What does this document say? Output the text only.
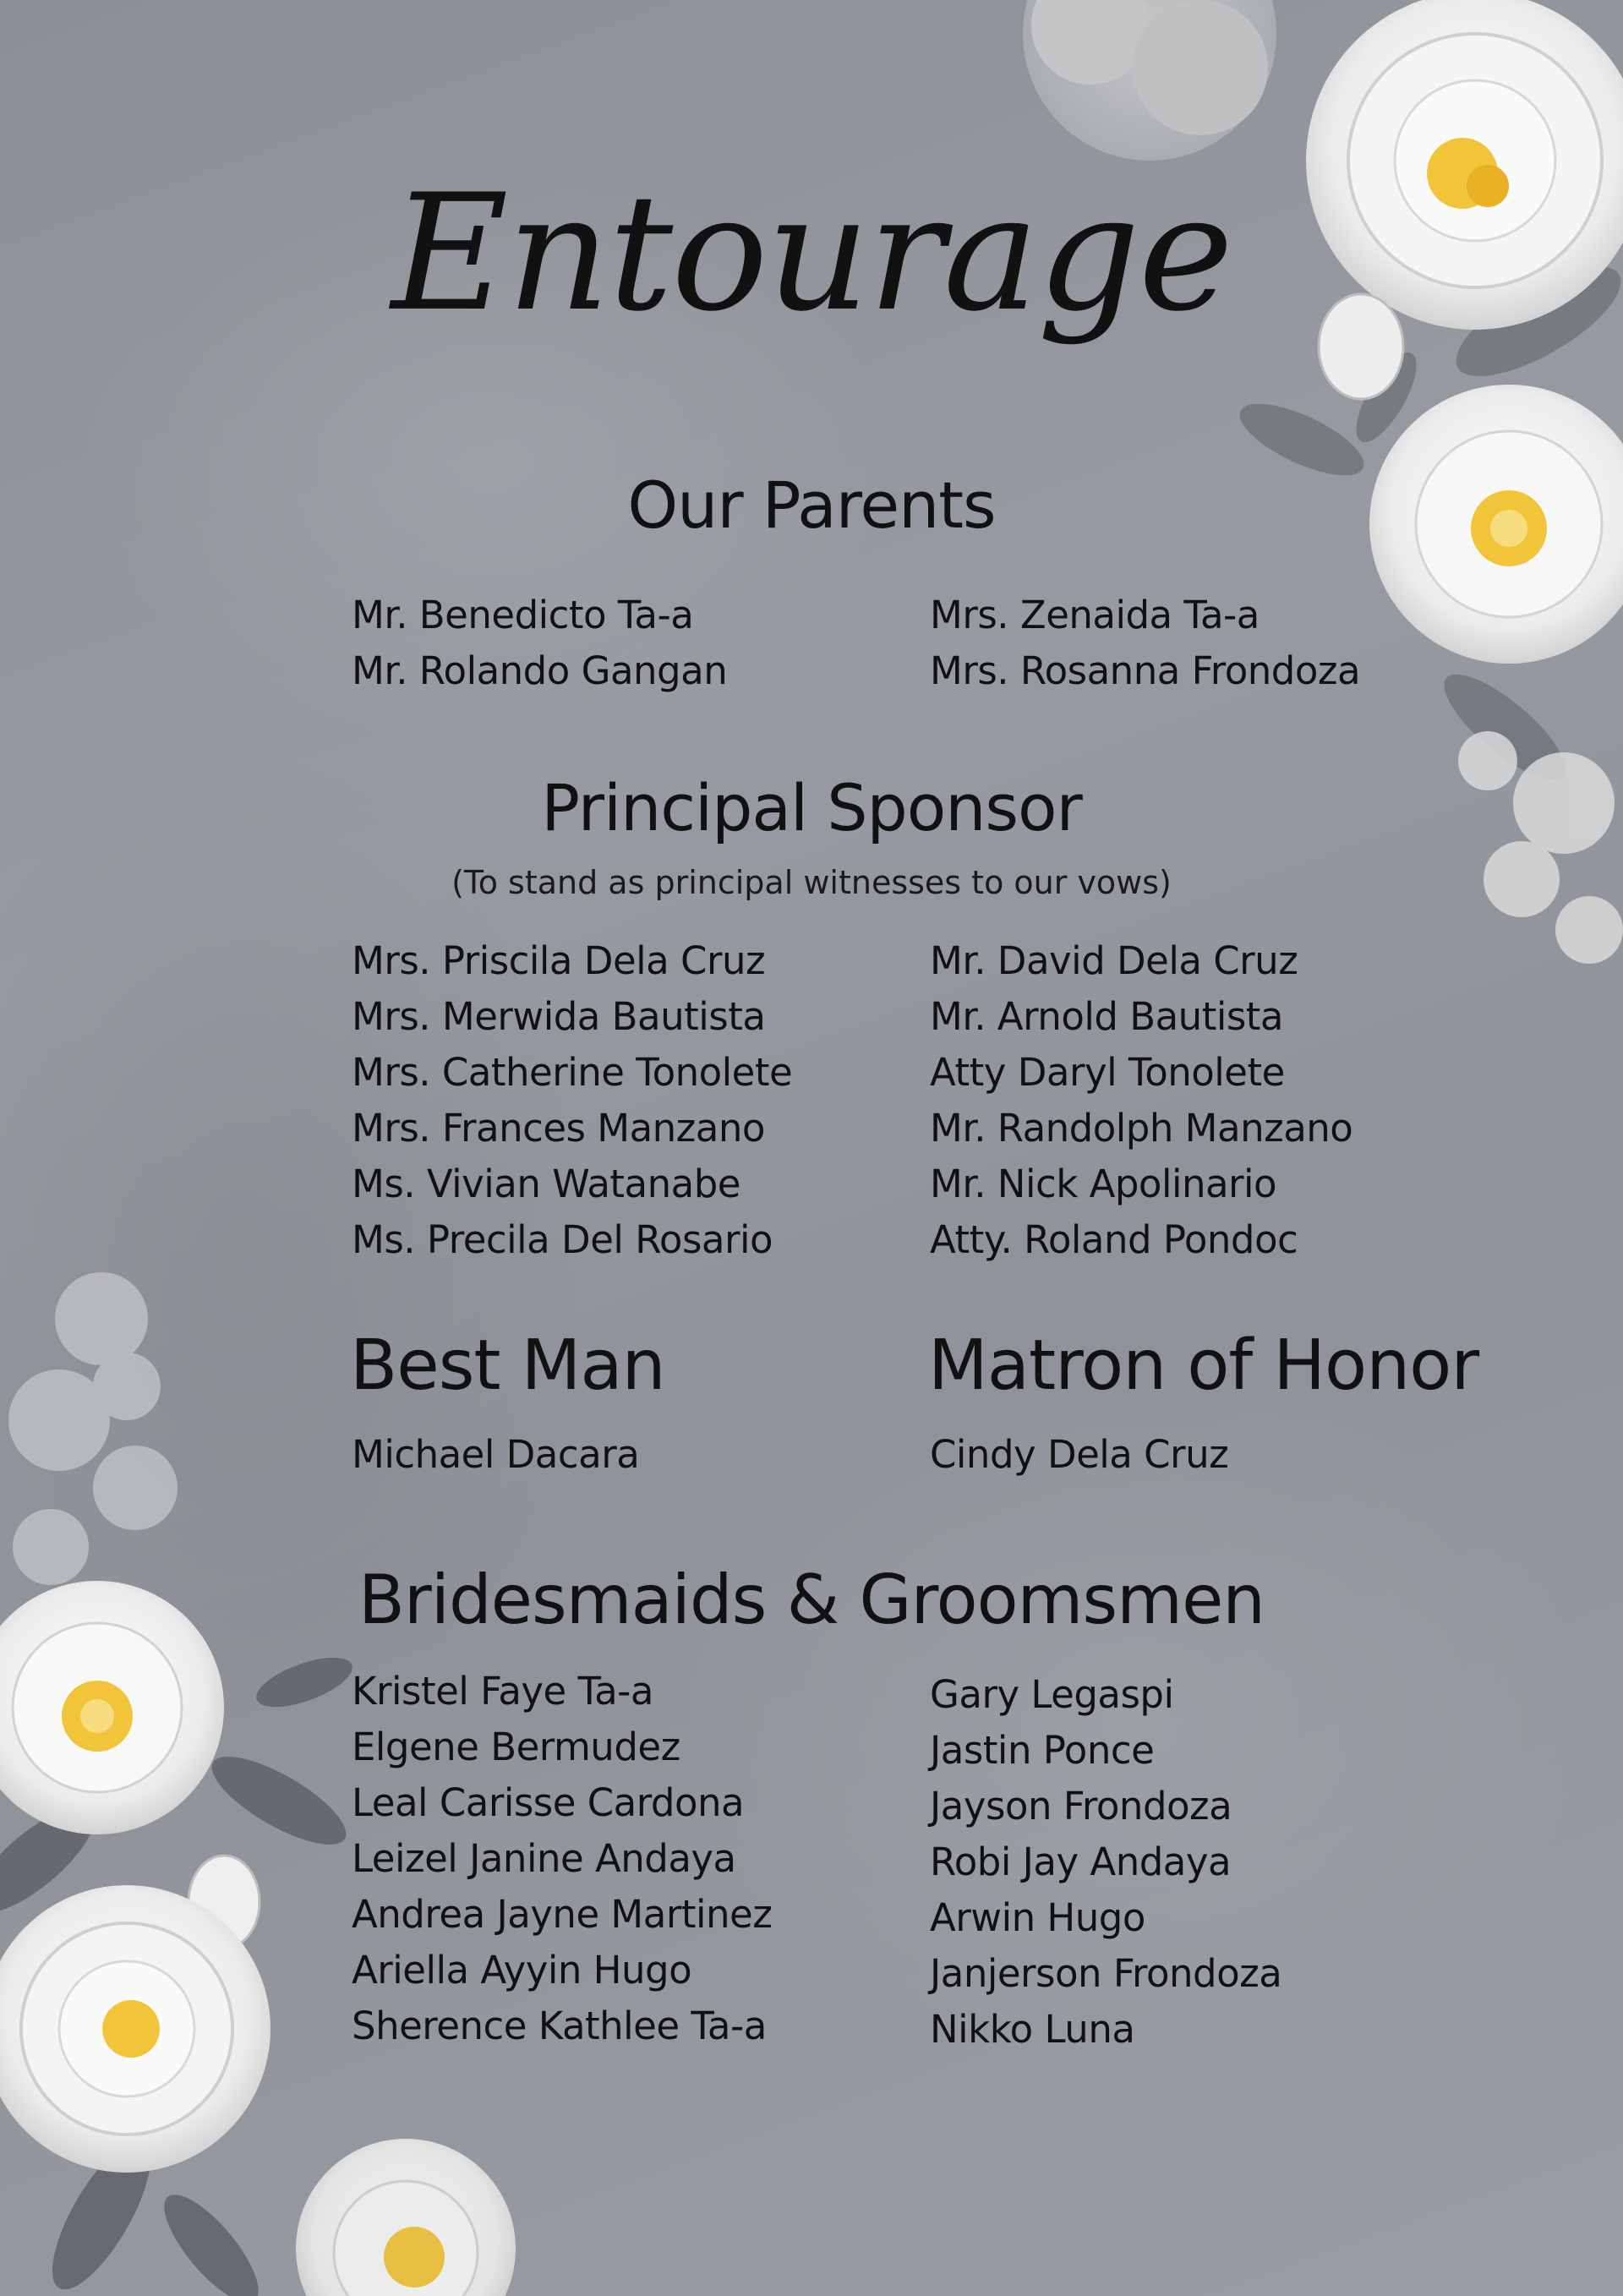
Entourage
Our Parents
Mr. Benedicto Ta-a
Mr. Rolando Gangan
Mrs. Zenaida Ta-a
Mrs. Rosanna Frondoza
Principal Sponsor
(To stand as principal witnesses to our vows)
Mrs. Priscila Dela Cruz
Mrs. Merwida Bautista
Mrs. Catherine Tonolete
Mrs. Frances Manzano
Ms. Vivian Watanabe
Ms. Precila Del Rosario
Mr. David Dela Cruz
Mr. Arnold Bautista
Atty Daryl Tonolete
Mr. Randolph Manzano
Mr. Nick Apolinario
Atty. Roland Pondoc
Best Man
Michael Dacara
Matron of Honor
Cindy Dela Cruz
Bridesmaids & Groomsmen
Kristel Faye Ta-a
Elgene Bermudez
Leal Carisse Cardona
Leizel Janine Andaya
Andrea Jayne Martinez
Ariella Ayyin Hugo
Sherence Kathlee Ta-a
Gary Legaspi
Jastin Ponce
Jayson Frondoza
Robi Jay Andaya
Arwin Hugo
Janjerson Frondoza
Nikko Luna
